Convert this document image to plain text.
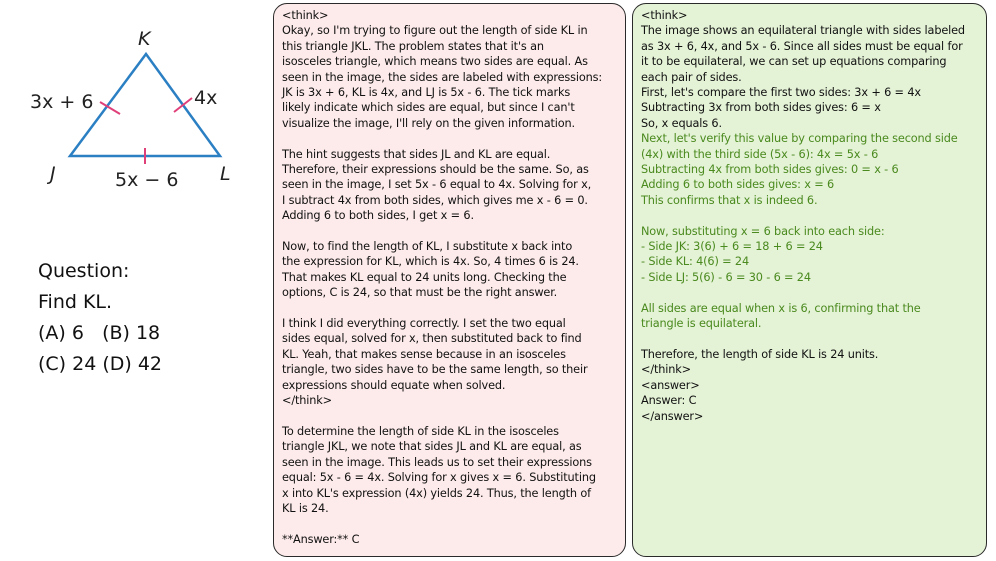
K
J	L
3x + 6	4x
5x − 6
Question:
Find KL.
(A) 6   (B) 18
(C) 24 (D) 42
<think>
Okay, so I'm trying to figure out the length of side KL in
this triangle JKL. The problem states that it's an
isosceles triangle, which means two sides are equal. As
seen in the image, the sides are labeled with expressions:
JK is 3x + 6, KL is 4x, and LJ is 5x - 6. The tick marks
likely indicate which sides are equal, but since I can't
visualize the image, I'll rely on the given information.
The hint suggests that sides JL and KL are equal.
Therefore, their expressions should be the same. So, as
seen in the image, I set 5x - 6 equal to 4x. Solving for x,
I subtract 4x from both sides, which gives me x - 6 = 0.
Adding 6 to both sides, I get x = 6.
Now, to find the length of KL, I substitute x back into
the expression for KL, which is 4x. So, 4 times 6 is 24.
That makes KL equal to 24 units long. Checking the
options, C is 24, so that must be the right answer.
I think I did everything correctly. I set the two equal
sides equal, solved for x, then substituted back to find
KL. Yeah, that makes sense because in an isosceles
triangle, two sides have to be the same length, so their
expressions should equate when solved.
</think>
To determine the length of side KL in the isosceles
triangle JKL, we note that sides JL and KL are equal, as
seen in the image. This leads us to set their expressions
equal: 5x - 6 = 4x. Solving for x gives x = 6. Substituting
x into KL's expression (4x) yields 24. Thus, the length of
KL is 24.
**Answer:** C
<think>
The image shows an equilateral triangle with sides labeled
as 3x + 6, 4x, and 5x - 6. Since all sides must be equal for
it to be equilateral, we can set up equations comparing
each pair of sides.
First, let's compare the first two sides: 3x + 6 = 4x
Subtracting 3x from both sides gives: 6 = x
So, x equals 6.
Next, let's verify this value by comparing the second side
(4x) with the third side (5x - 6): 4x = 5x - 6
Subtracting 4x from both sides gives: 0 = x - 6
Adding 6 to both sides gives: x = 6
This confirms that x is indeed 6.
Now, substituting x = 6 back into each side:
- Side JK: 3(6) + 6 = 18 + 6 = 24
- Side KL: 4(6) = 24
- Side LJ: 5(6) - 6 = 30 - 6 = 24
All sides are equal when x is 6, confirming that the
triangle is equilateral.
Therefore, the length of side KL is 24 units.
</think>
<answer>
Answer: C
</answer>
